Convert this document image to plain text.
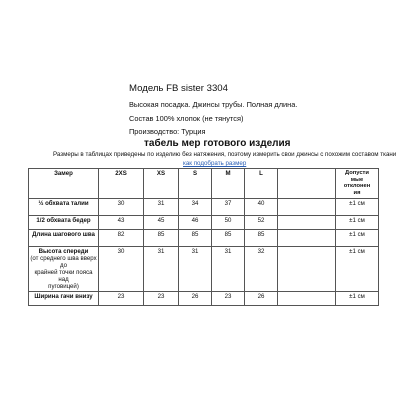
Модель FB sister 3304
Высокая посадка. Джинсы трубы. Полная длина.
Состав 100% хлопок (не тянутся)
Производство: Турция
табель мер готового изделия
Размеры в таблицах приведены по изделию без натяжения, поэтому измерить свои джинсы с похожим составом ткани
как подобрать размер
Замер	2XS	XS	S	M	L		Допусти
мые
отклонен
ия

½ обхвата талии	30	31	34	37	40		±1 см
1/2 обхвата бедер	43	45	46	50	52		±1 см
Длина шагового шва	82	85	85	85	85		±1 см

Высота спереди
(от среднего шва вверх до
крайней точки пояса над
пуговицей)	30	31	31	31	32		±1 см
Ширина гачи внизу	23	23	26	23	26		±1 см
